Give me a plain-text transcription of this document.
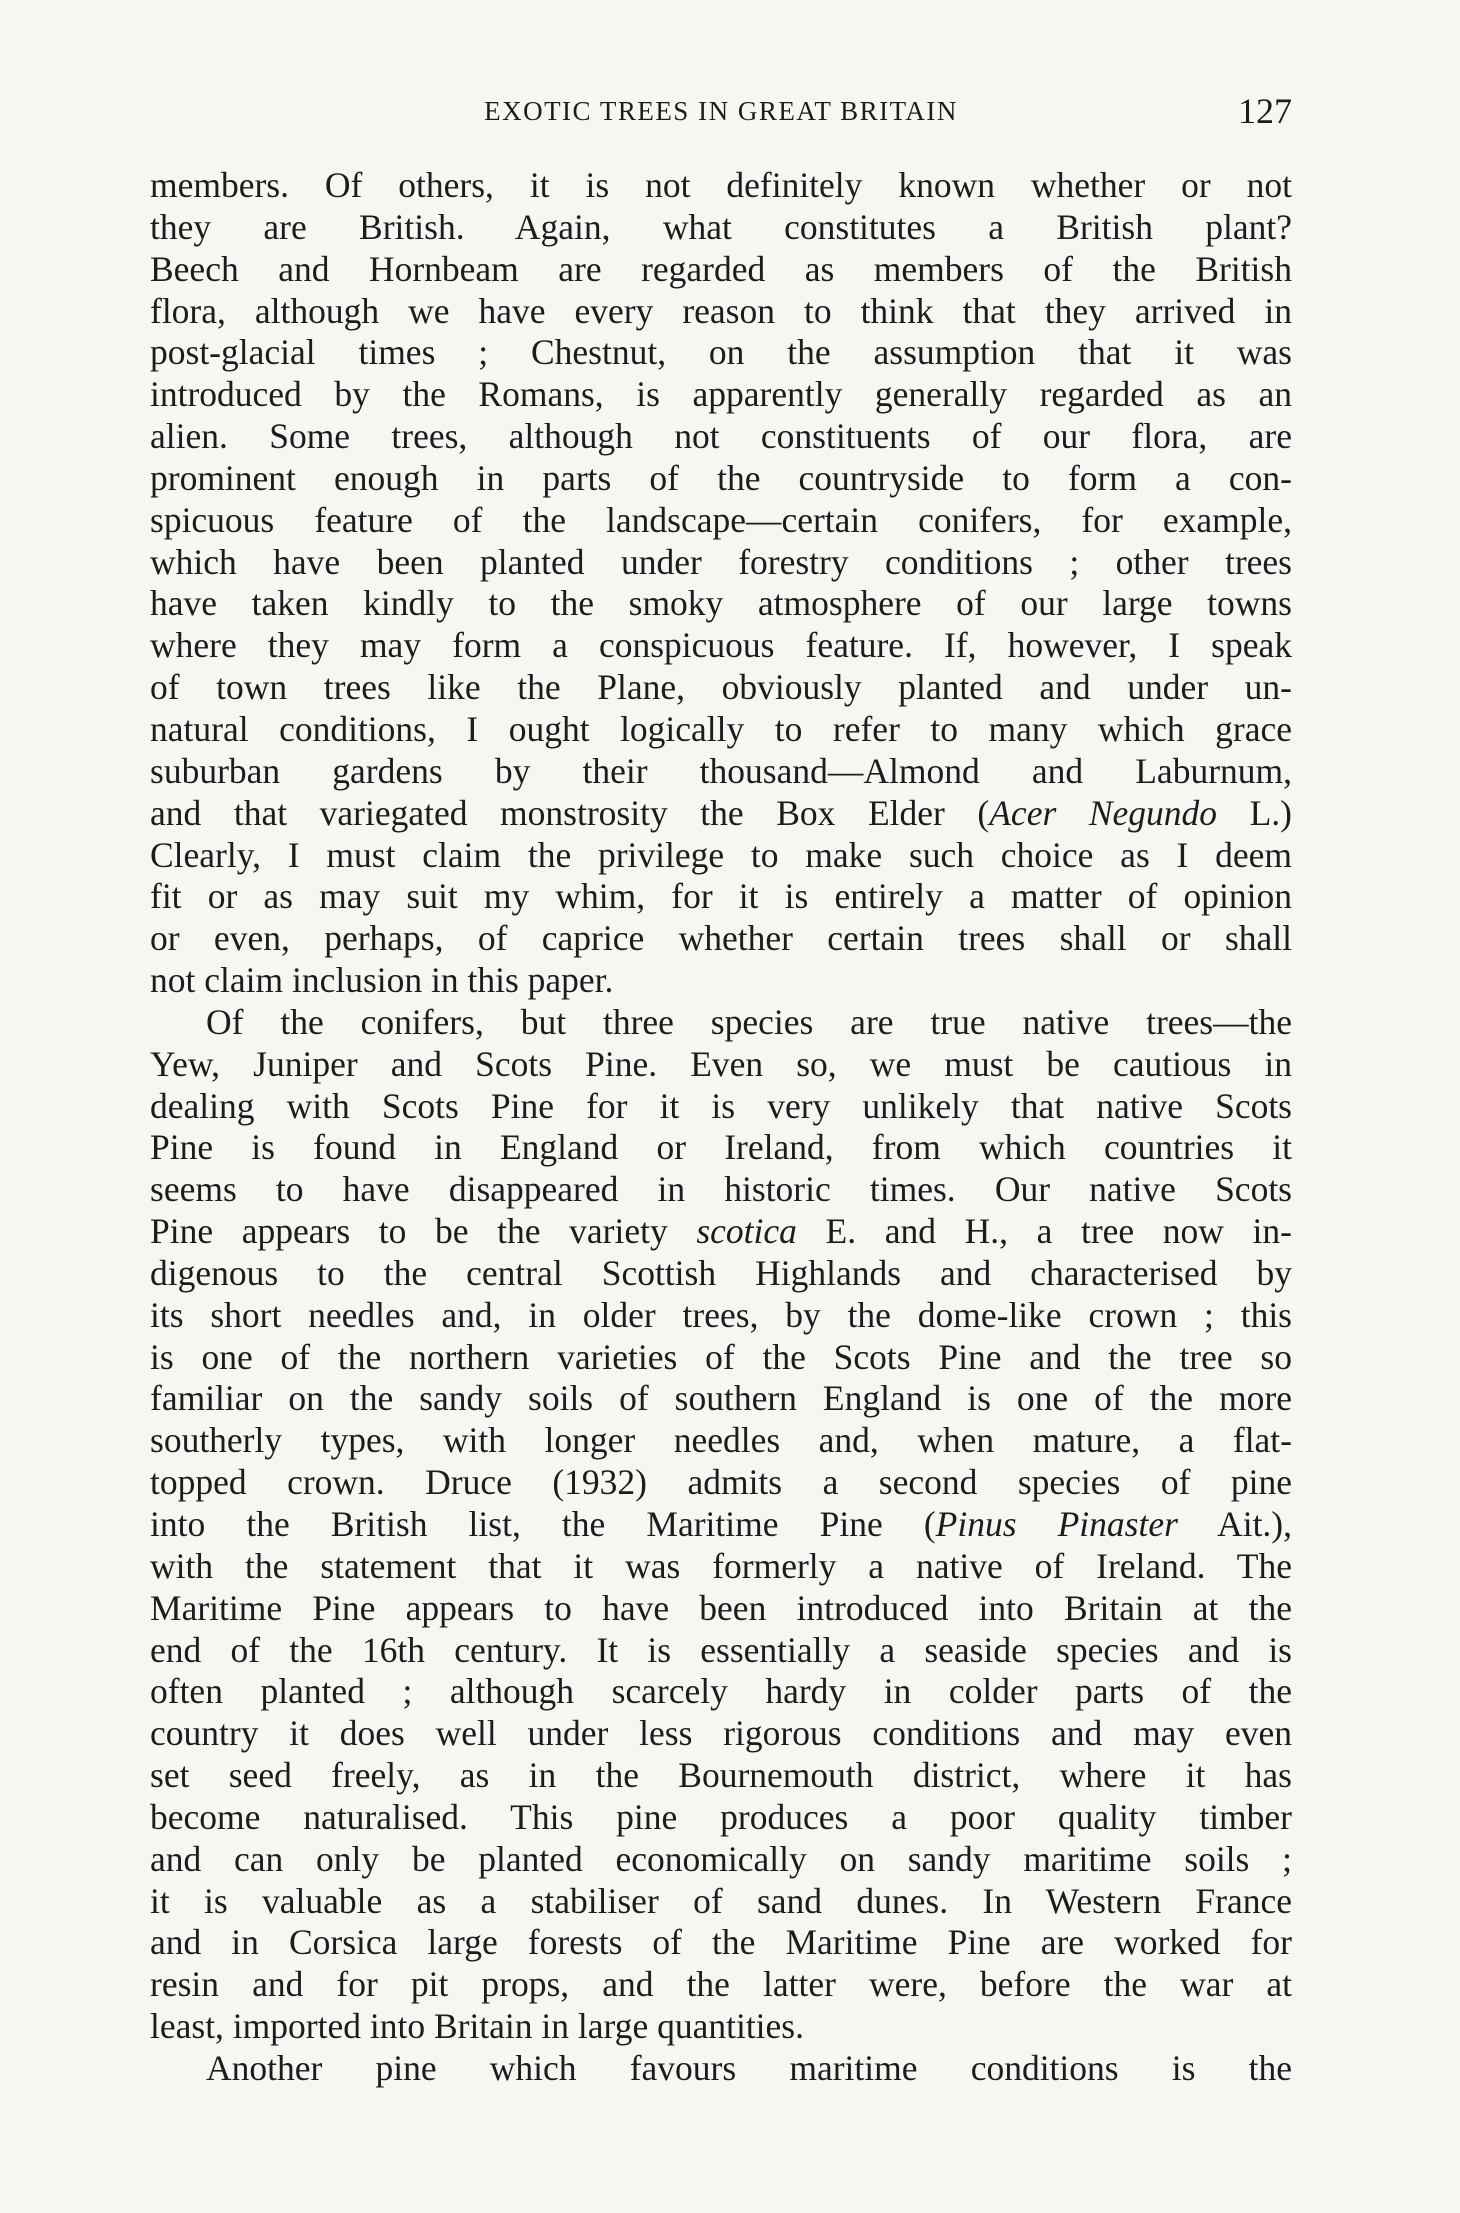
EXOTIC TREES IN GREAT BRITAIN	127
members. Of others, it is not definitely known whether or not
they are British. Again, what constitutes a British plant?
Beech and Hornbeam are regarded as members of the British
flora, although we have every reason to think that they arrived in
post-glacial times ; Chestnut, on the assumption that it was
introduced by the Romans, is apparently generally regarded as an
alien. Some trees, although not constituents of our flora, are
prominent enough in parts of the countryside to form a con-
spicuous feature of the landscape—certain conifers, for example,
which have been planted under forestry conditions ; other trees
have taken kindly to the smoky atmosphere of our large towns
where they may form a conspicuous feature. If, however, I speak
of town trees like the Plane, obviously planted and under un-
natural conditions, I ought logically to refer to many which grace
suburban gardens by their thousand—Almond and Laburnum,
and that variegated monstrosity the Box Elder (Acer Negundo L.)
Clearly, I must claim the privilege to make such choice as I deem
fit or as may suit my whim, for it is entirely a matter of opinion
or even, perhaps, of caprice whether certain trees shall or shall
not claim inclusion in this paper.
Of the conifers, but three species are true native trees—the
Yew, Juniper and Scots Pine. Even so, we must be cautious in
dealing with Scots Pine for it is very unlikely that native Scots
Pine is found in England or Ireland, from which countries it
seems to have disappeared in historic times. Our native Scots
Pine appears to be the variety scotica E. and H., a tree now in-
digenous to the central Scottish Highlands and characterised by
its short needles and, in older trees, by the dome-like crown ; this
is one of the northern varieties of the Scots Pine and the tree so
familiar on the sandy soils of southern England is one of the more
southerly types, with longer needles and, when mature, a flat-
topped crown. Druce (1932) admits a second species of pine
into the British list, the Maritime Pine (Pinus Pinaster Ait.),
with the statement that it was formerly a native of Ireland. The
Maritime Pine appears to have been introduced into Britain at the
end of the 16th century. It is essentially a seaside species and is
often planted ; although scarcely hardy in colder parts of the
country it does well under less rigorous conditions and may even
set seed freely, as in the Bournemouth district, where it has
become naturalised. This pine produces a poor quality timber
and can only be planted economically on sandy maritime soils ;
it is valuable as a stabiliser of sand dunes. In Western France
and in Corsica large forests of the Maritime Pine are worked for
resin and for pit props, and the latter were, before the war at
least, imported into Britain in large quantities.
Another pine which favours maritime conditions is the
